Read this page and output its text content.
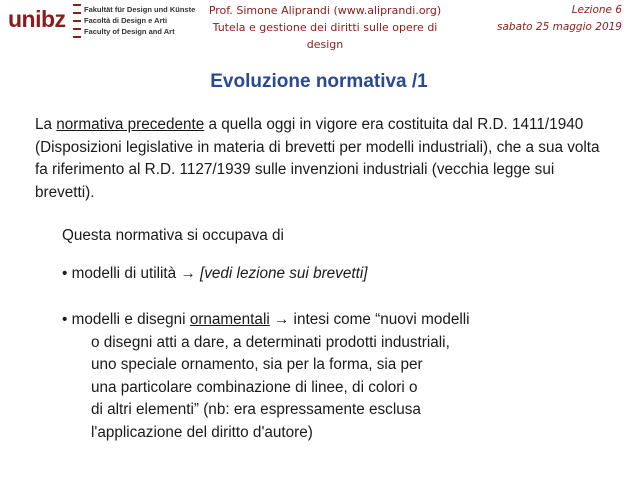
unibz Fakultät für Design und Künste
Facoltà di Design e Arti
Faculty of Design and Art
Prof. Simone Aliprandi (www.aliprandi.org)
Tutela e gestione dei diritti sulle opere di design
Lezione 6
sabato 25 maggio 2019
Evoluzione normativa /1
La normativa precedente a quella oggi in vigore era costituita dal R.D. 1411/1940 (Disposizioni legislative in materia di brevetti per modelli industriali), che a sua volta fa riferimento al R.D. 1127/1939 sulle invenzioni industriali (vecchia legge sui brevetti).
Questa normativa si occupava di
• modelli di utilità → [vedi lezione sui brevetti]
• modelli e disegni ornamentali → intesi come “nuovi modelli
o disegni atti a dare, a determinati prodotti industriali,
uno speciale ornamento, sia per la forma, sia per
una particolare combinazione di linee, di colori o
di altri elementi” (nb: era espressamente esclusa
l'applicazione del diritto d'autore)
